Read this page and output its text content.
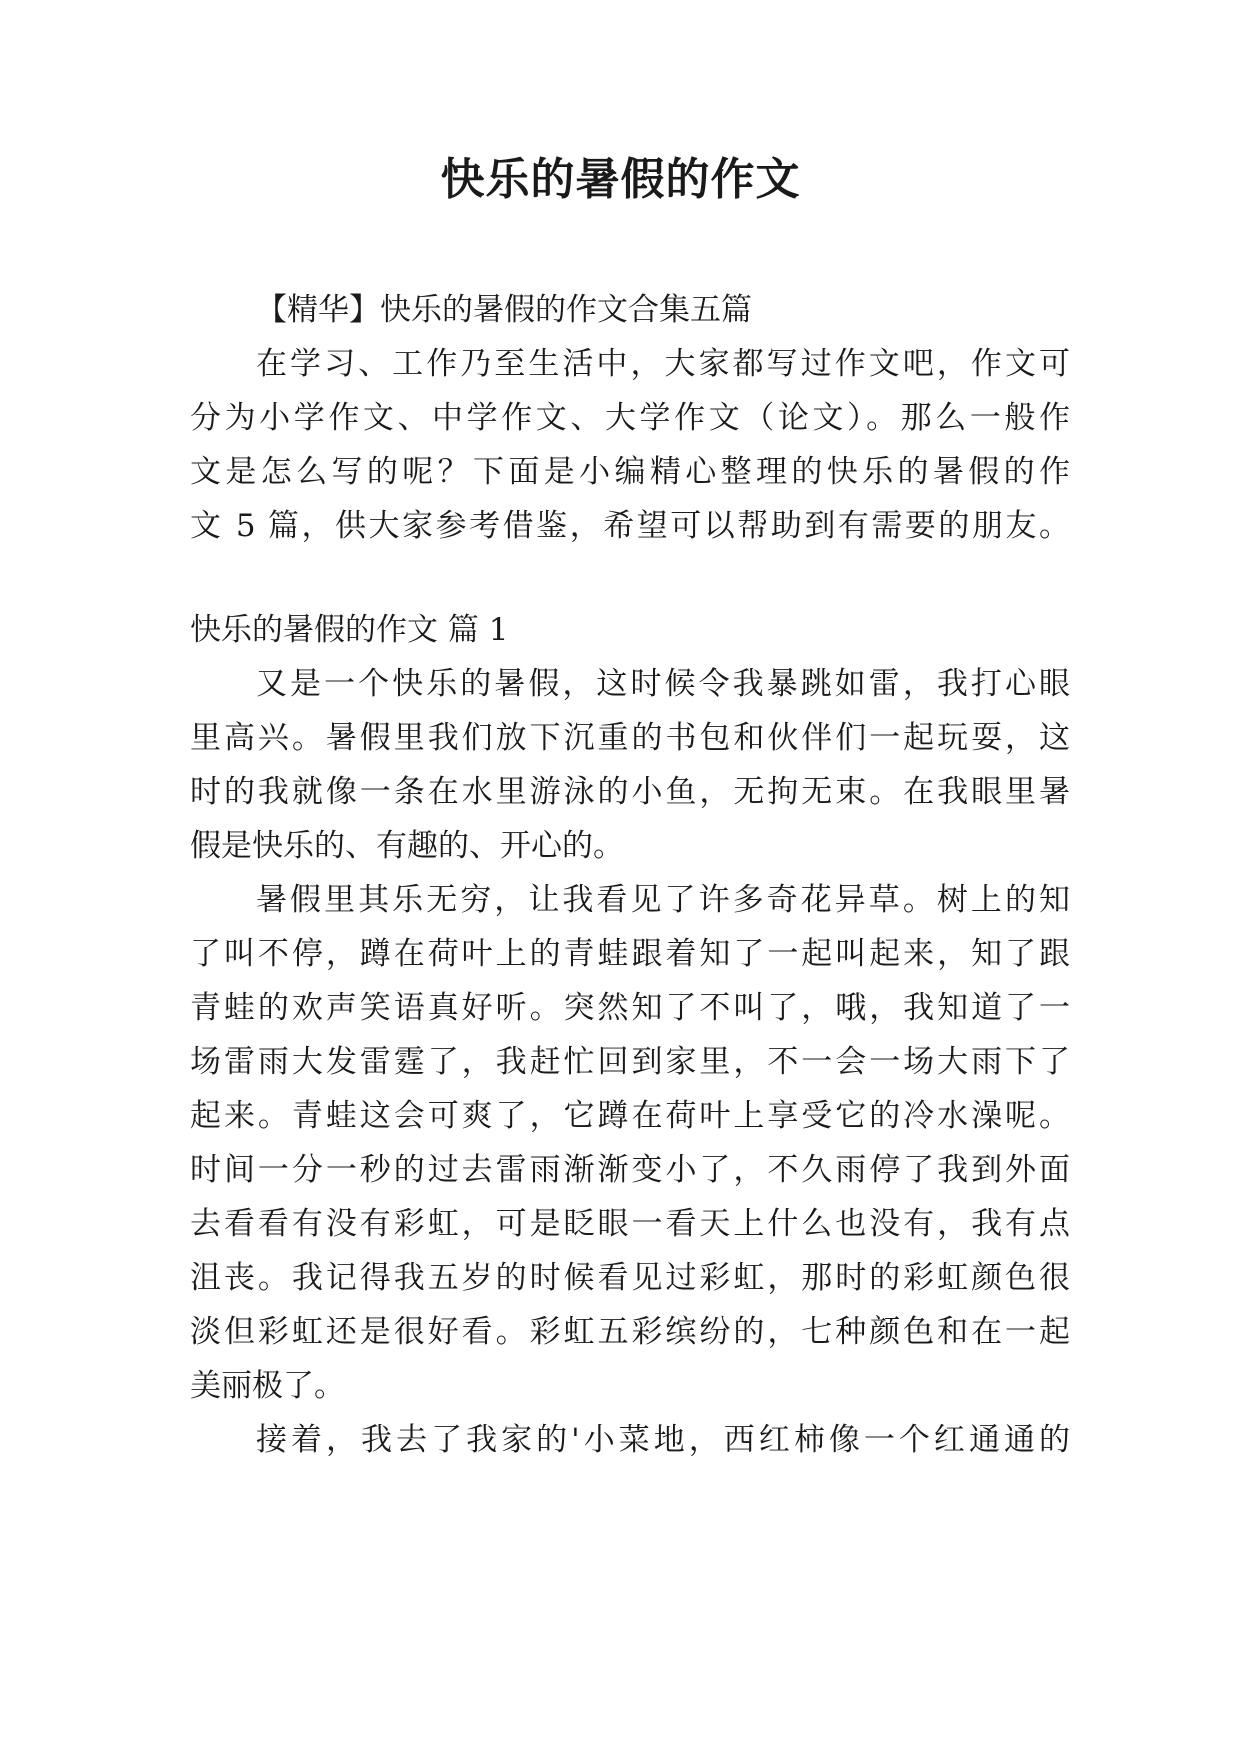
快乐的暑假的作文
【精华】快乐的暑假的作文合集五篇
在学习、工作乃至生活中，大家都写过作文吧，作文可
分为小学作文、中学作文、大学作文（论文）。那么一般作
文是怎么写的呢？下面是小编精心整理的快乐的暑假的作
文 5 篇，供大家参考借鉴，希望可以帮助到有需要的朋友。
快乐的暑假的作文 篇 1
又是一个快乐的暑假，这时候令我暴跳如雷，我打心眼
里高兴。暑假里我们放下沉重的书包和伙伴们一起玩耍，这
时的我就像一条在水里游泳的小鱼，无拘无束。在我眼里暑
假是快乐的、有趣的、开心的。
暑假里其乐无穷，让我看见了许多奇花异草。树上的知
了叫不停，蹲在荷叶上的青蛙跟着知了一起叫起来，知了跟
青蛙的欢声笑语真好听。突然知了不叫了，哦，我知道了一
场雷雨大发雷霆了，我赶忙回到家里，不一会一场大雨下了
起来。青蛙这会可爽了，它蹲在荷叶上享受它的冷水澡呢。
时间一分一秒的过去雷雨渐渐变小了，不久雨停了我到外面
去看看有没有彩虹，可是眨眼一看天上什么也没有，我有点
沮丧。我记得我五岁的时候看见过彩虹，那时的彩虹颜色很
淡但彩虹还是很好看。彩虹五彩缤纷的，七种颜色和在一起
美丽极了。
接着，我去了我家的'小菜地，西红柿像一个红通通的
